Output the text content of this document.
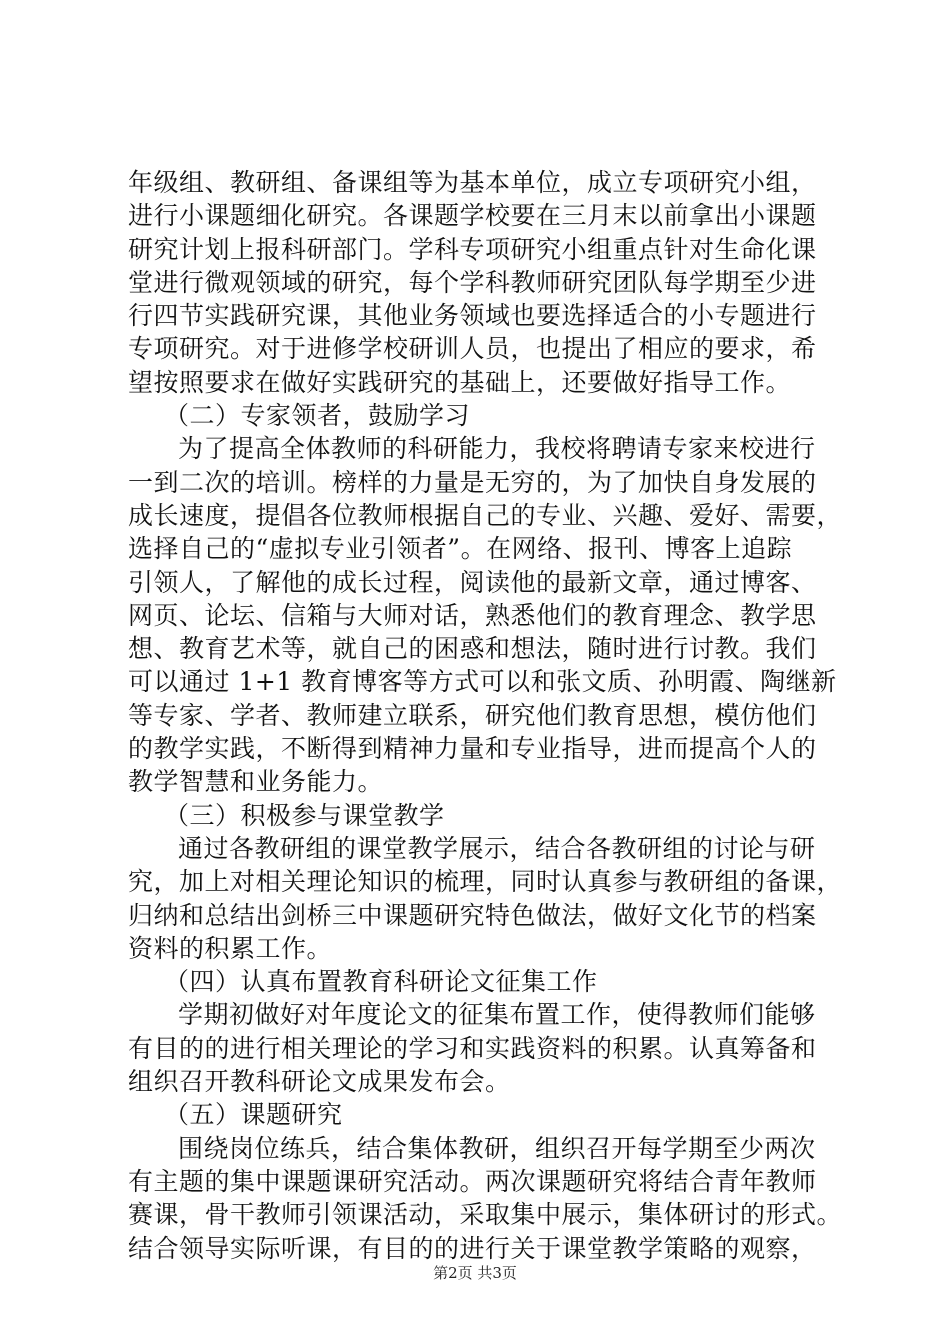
年级组、教研组、备课组等为基本单位，成立专项研究小组，
进行小课题细化研究。各课题学校要在三月末以前拿出小课题
研究计划上报科研部门。学科专项研究小组重点针对生命化课
堂进行微观领域的研究，每个学科教师研究团队每学期至少进
行四节实践研究课，其他业务领域也要选择适合的小专题进行
专项研究。对于进修学校研训人员，也提出了相应的要求，希
望按照要求在做好实践研究的基础上，还要做好指导工作。
（二）专家领者，鼓励学习
为了提高全体教师的科研能力，我校将聘请专家来校进行
一到二次的培训。榜样的力量是无穷的，为了加快自身发展的
成长速度，提倡各位教师根据自己的专业、兴趣、爱好、需要，
选择自己的“虚拟专业引领者”。在网络、报刊、博客上追踪
引领人，了解他的成长过程，阅读他的最新文章，通过博客、
网页、论坛、信箱与大师对话，熟悉他们的教育理念、教学思
想、教育艺术等，就自己的困惑和想法，随时进行讨教。我们
可以通过 1+1 教育博客等方式可以和张文质、孙明霞、陶继新
等专家、学者、教师建立联系，研究他们教育思想，模仿他们
的教学实践，不断得到精神力量和专业指导，进而提高个人的
教学智慧和业务能力。
（三）积极参与课堂教学
通过各教研组的课堂教学展示，结合各教研组的讨论与研
究，加上对相关理论知识的梳理，同时认真参与教研组的备课，
归纳和总结出剑桥三中课题研究特色做法，做好文化节的档案
资料的积累工作。
（四）认真布置教育科研论文征集工作
学期初做好对年度论文的征集布置工作，使得教师们能够
有目的的进行相关理论的学习和实践资料的积累。认真筹备和
组织召开教科研论文成果发布会。
（五）课题研究
围绕岗位练兵，结合集体教研，组织召开每学期至少两次
有主题的集中课题课研究活动。两次课题研究将结合青年教师
赛课，骨干教师引领课活动，采取集中展示，集体研讨的形式。
结合领导实际听课，有目的的进行关于课堂教学策略的观察，
第2页 共3页
